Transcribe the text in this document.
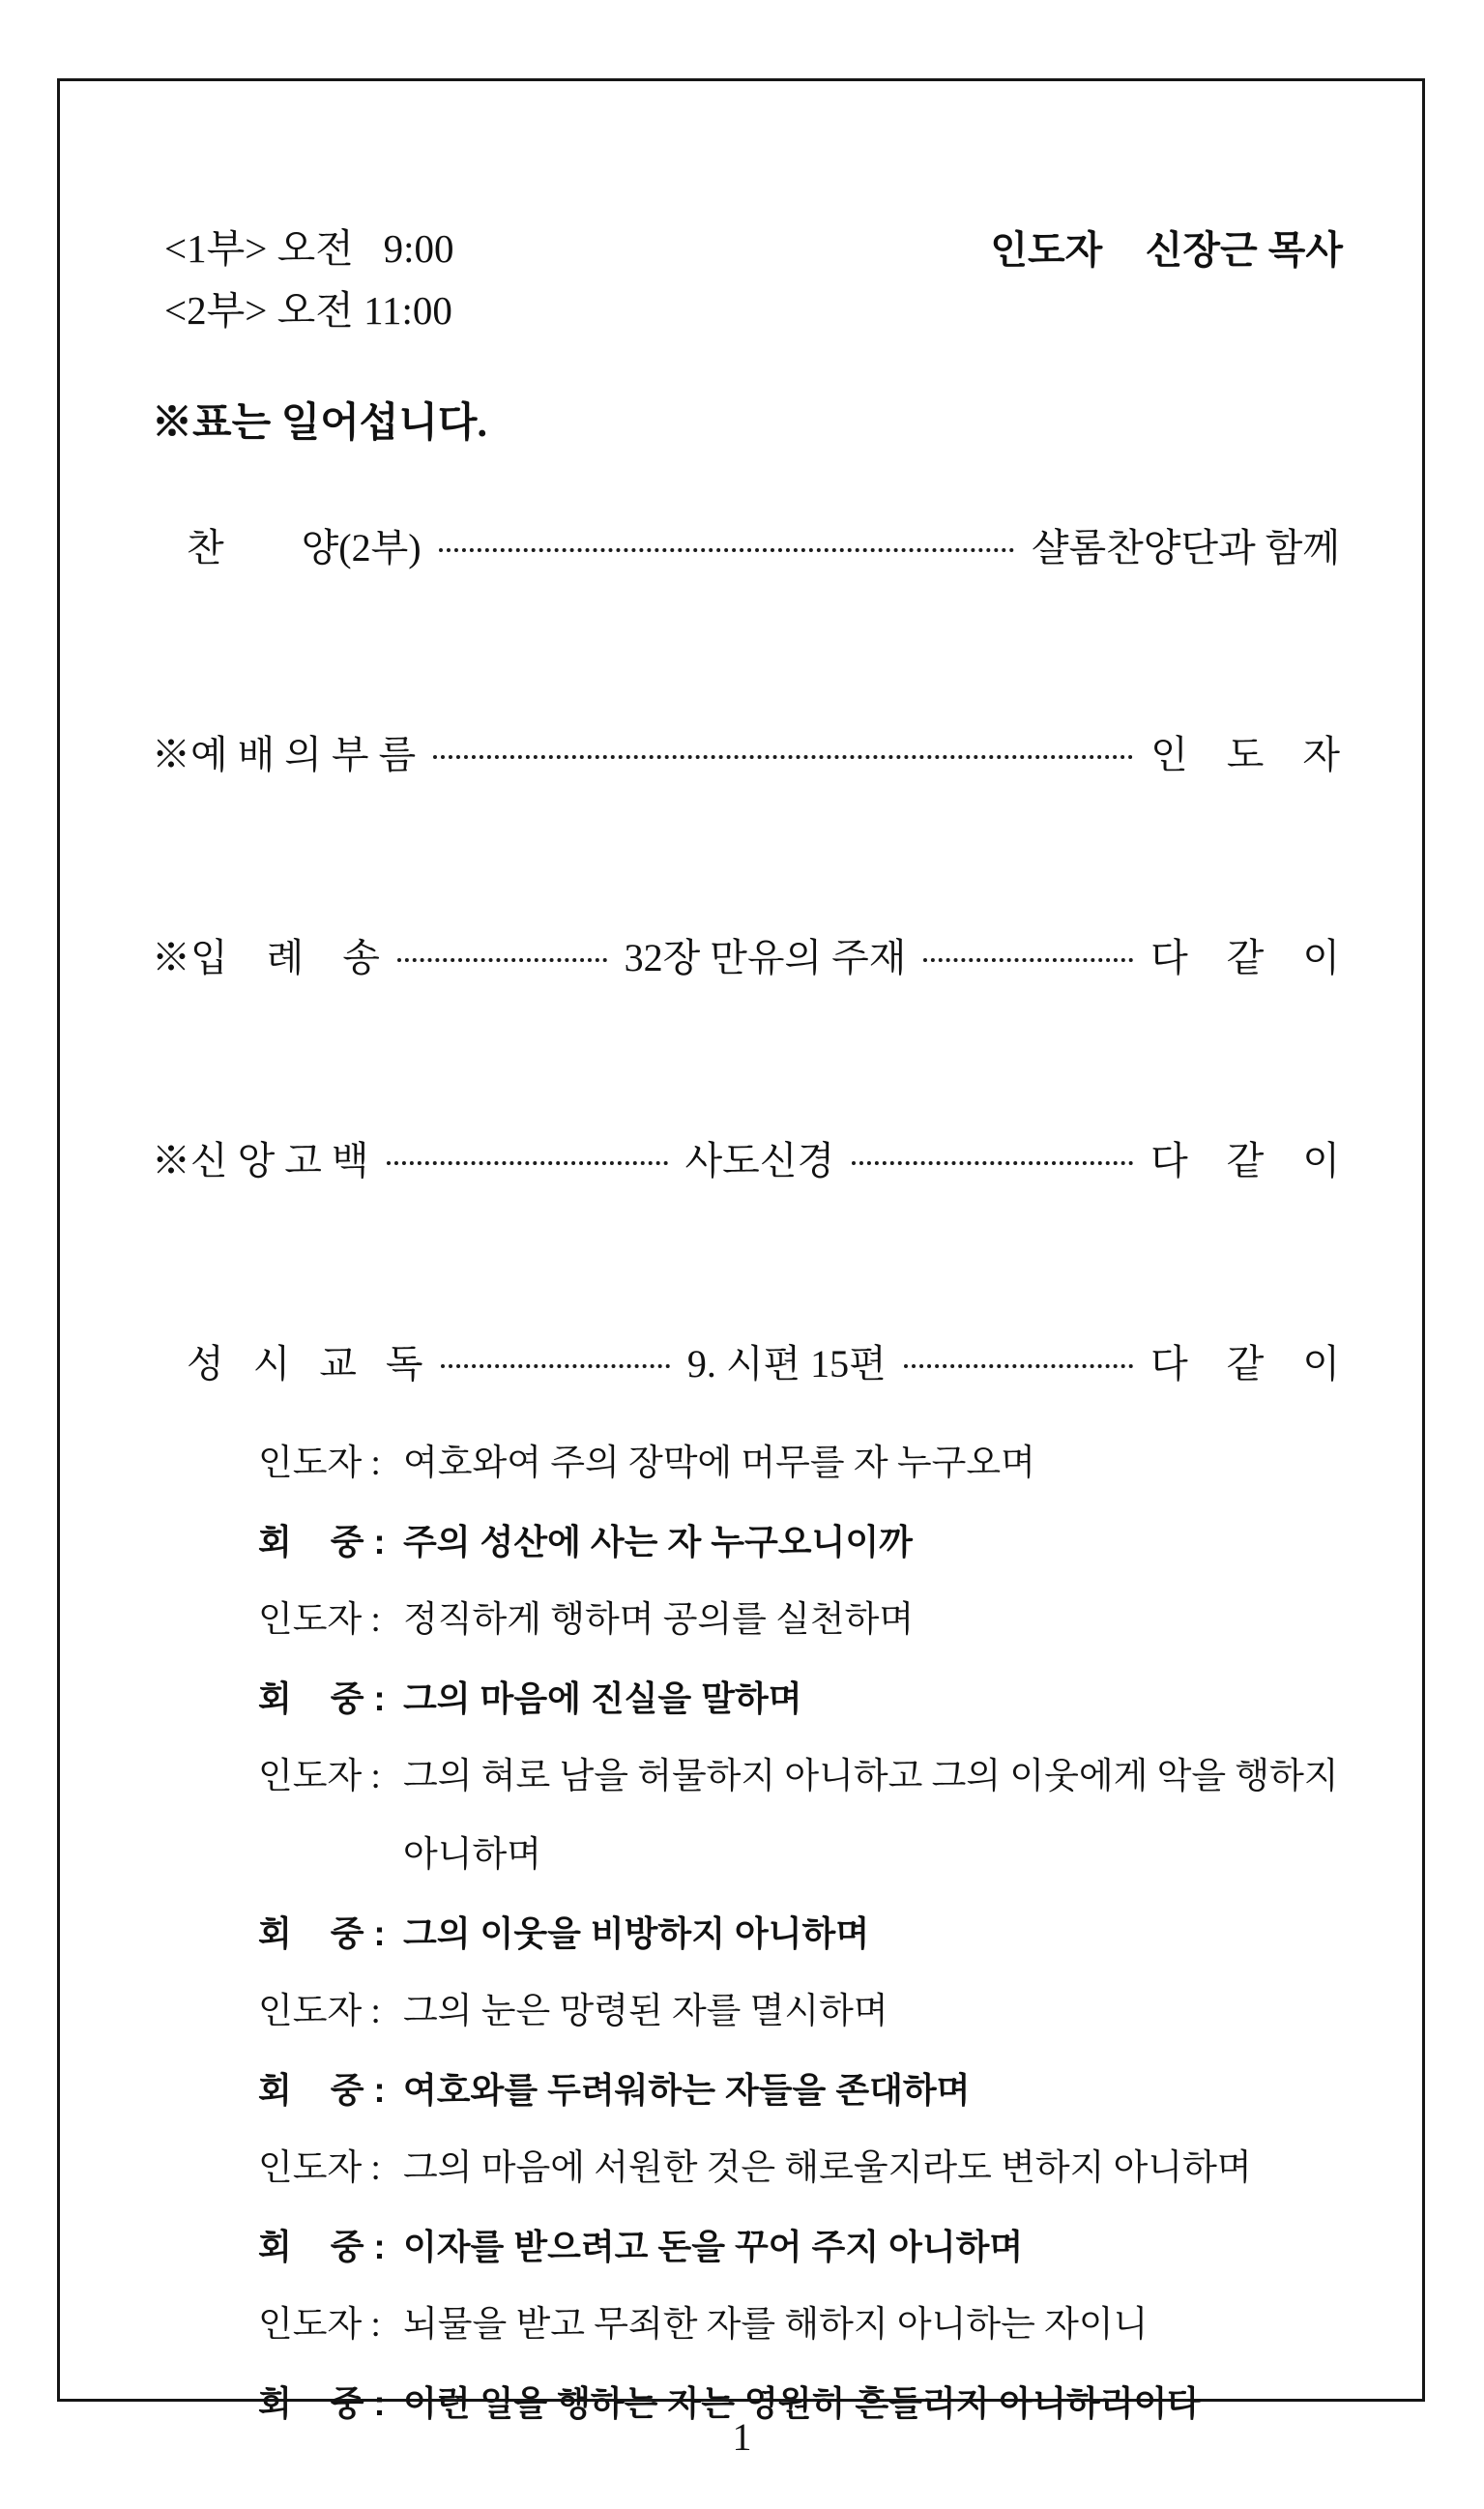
<1부> 오전   9:00
<2부> 오전 11:00
인도자    신장근 목사
※표는 일어섭니다.
찬        양(2부)	샬롬찬양단과 함께
※예 배 의 부 름	인    도    자
※입    례    송	32장 만유의 주재	다    같    이
※신 앙 고 백	사도신경	다    같    이
성   시   교   독	9. 시편 15편	다    같    이
인도자 : 여호와여 주의 장막에 머무를 자 누구오며
회    중 : 주의 성산에 사는 자 누구오니이까
인도자 : 정직하게 행하며 공의를 실천하며
회    중 : 그의 마음에 진실을 말하며
인도자 : 그의 혀로 남을 허물하지 아니하고 그의 이웃에게 악을 행하지
아니하며
회    중 : 그의 이웃을 비방하지 아니하며
인도자 : 그의 눈은 망령된 자를 멸시하며
회    중 : 여호와를 두려워하는 자들을 존대하며
인도자 : 그의 마음에 서원한 것은 해로울지라도 변하지 아니하며
회    중 : 이자를 받으려고 돈을 꾸어 주지 아니하며
인도자 : 뇌물을 받고 무죄한 자를 해하지 아니하는 자이니
회    중 : 이런 일을 행하는 자는 영원히 흔들리지 아니하리이다
1
